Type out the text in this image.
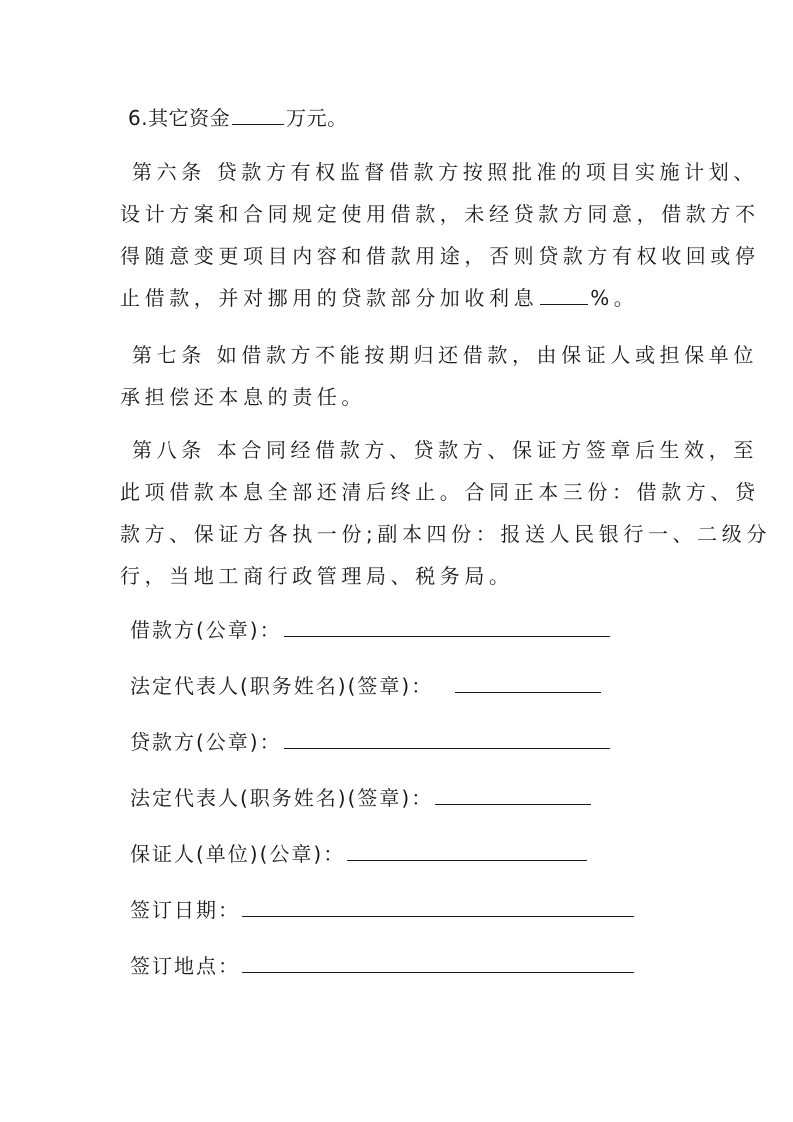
6.其它资金	万元。
第六条 贷款方有权监督借款方按照批准的项目实施计划、
设计方案和合同规定使用借款，未经贷款方同意，借款方不
得随意变更项目内容和借款用途，否则贷款方有权收回或停
止借款，并对挪用的贷款部分加收利息	%。
第七条 如借款方不能按期归还借款，由保证人或担保单位
承担偿还本息的责任。
第八条 本合同经借款方、贷款方、保证方签章后生效，至
此项借款本息全部还清后终止。合同正本三份：借款方、贷
款方、保证方各执一份;副本四份：报送人民银行一、二级分
行，当地工商行政管理局、税务局。
借款方(公章)：
法定代表人(职务姓名)(签章)：
贷款方(公章)：
法定代表人(职务姓名)(签章)：
保证人(单位)(公章)：
签订日期：
签订地点：
